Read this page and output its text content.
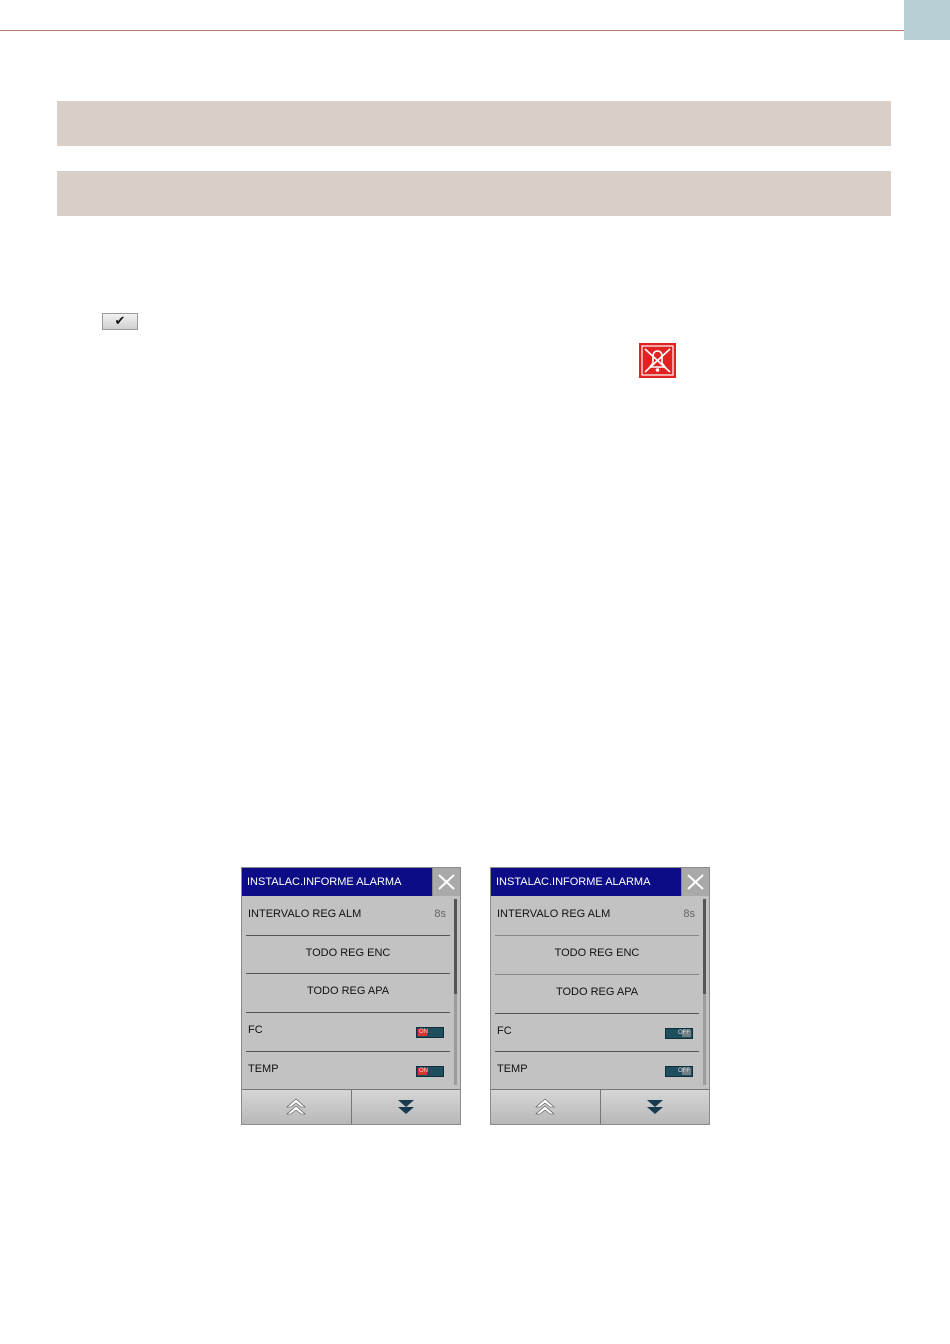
✔
INSTALAC.INFORME ALARMA
INTERVALO REG ALM	8s
TODO REG ENC
TODO REG APA
FC	ON
TEMP	ON
INSTALAC.INFORME ALARMA
INTERVALO REG ALM	8s
TODO REG ENC
TODO REG APA
FC	OFF
TEMP	OFF
